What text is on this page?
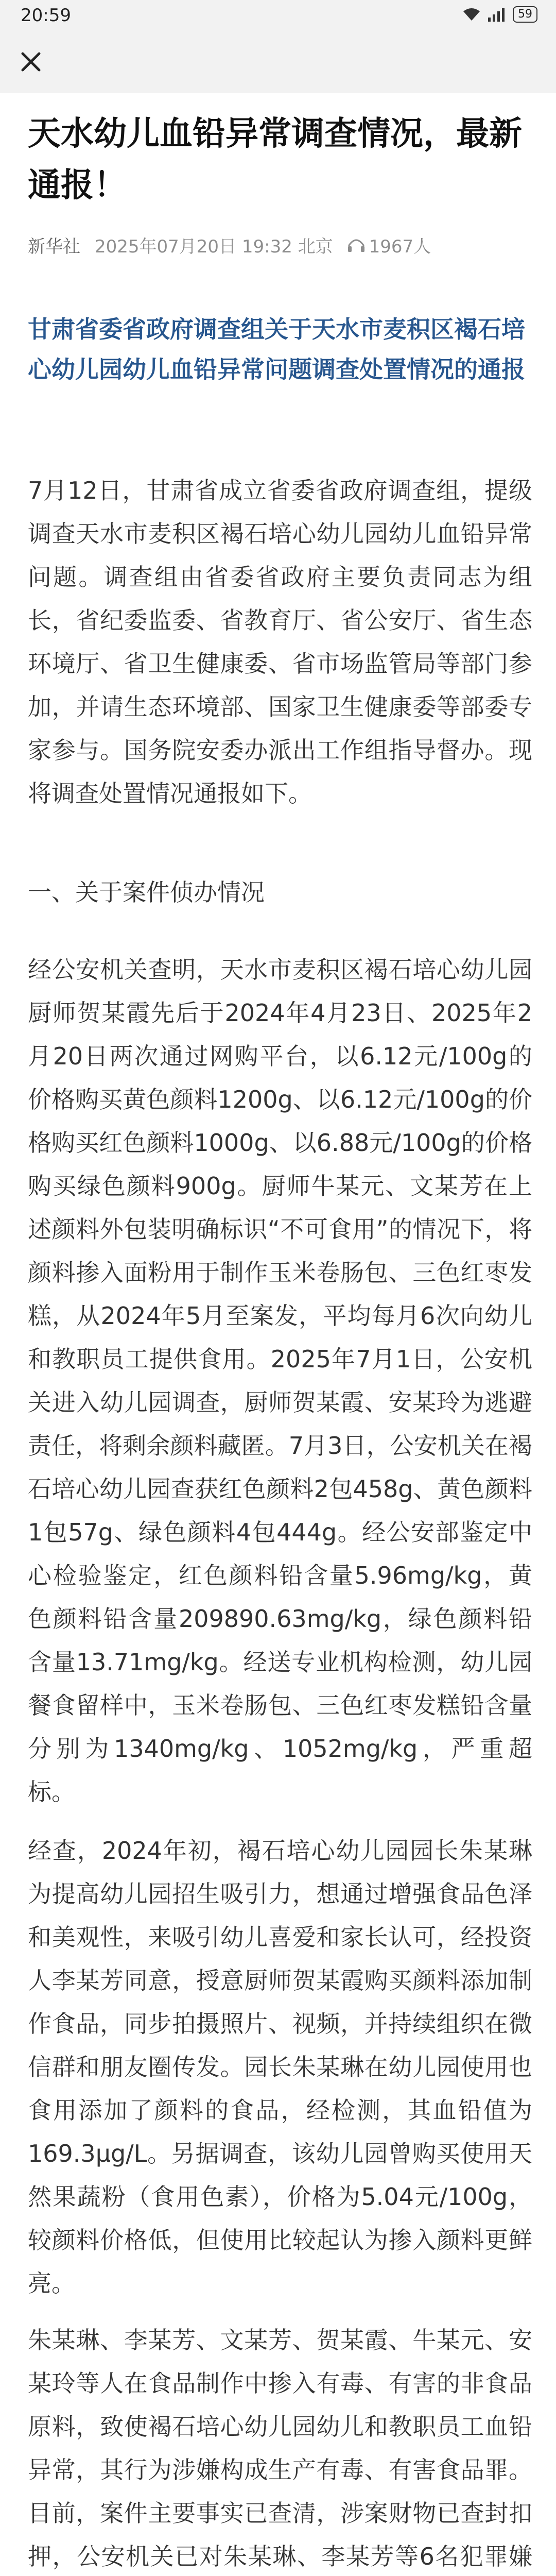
20:59	59
天水幼儿血铅异常调查情况，最新通报！
新华社 2025年07月20日 19:32 北京 1967人
甘肃省委省政府调查组关于天水市麦积区褐石培心幼儿园幼儿血铅异常问题调查处置情况的通报
7月12日，甘肃省成立省委省政府调查组，提级调查天水市麦积区褐石培心幼儿园幼儿血铅异常问题。调查组由省委省政府主要负责同志为组长，省纪委监委、省教育厅、省公安厅、省生态环境厅、省卫生健康委、省市场监管局等部门参加，并请生态环境部、国家卫生健康委等部委专家参与。国务院安委办派出工作组指导督办。现将调查处置情况通报如下。
一、关于案件侦办情况
经公安机关查明，天水市麦积区褐石培心幼儿园厨师贺某霞先后于2024年4月23日、2025年2月20日两次通过网购平台，以6.12元/100g的价格购买黄色颜料1200g、以6.12元/100g的价格购买红色颜料1000g、以6.88元/100g的价格购买绿色颜料900g。厨师牛某元、文某芳在上述颜料外包装明确标识“不可食用”的情况下，将颜料掺入面粉用于制作玉米卷肠包、三色红枣发糕，从2024年5月至案发，平均每月6次向幼儿和教职员工提供食用。2025年7月1日，公安机关进入幼儿园调查，厨师贺某霞、安某玲为逃避责任，将剩余颜料藏匿。7月3日，公安机关在褐石培心幼儿园查获红色颜料2包458g、黄色颜料1包57g、绿色颜料4包444g。经公安部鉴定中心检验鉴定，红色颜料铅含量5.96mg/kg，黄色颜料铅含量209890.63mg/kg，绿色颜料铅含量13.71mg/kg。经送专业机构检测，幼儿园餐食留样中，玉米卷肠包、三色红枣发糕铅含量分别为1340mg/kg、1052mg/kg，严重超标。
经查，2024年初，褐石培心幼儿园园长朱某琳为提高幼儿园招生吸引力，想通过增强食品色泽和美观性，来吸引幼儿喜爱和家长认可，经投资人李某芳同意，授意厨师贺某霞购买颜料添加制作食品，同步拍摄照片、视频，并持续组织在微信群和朋友圈传发。园长朱某琳在幼儿园使用也食用添加了颜料的食品，经检测，其血铅值为169.3μg/L。另据调查，该幼儿园曾购买使用天然果蔬粉（食用色素），价格为5.04元/100g，较颜料价格低，但使用比较起认为掺入颜料更鲜亮。
朱某琳、李某芳、文某芳、贺某霞、牛某元、安某玲等人在食品制作中掺入有毒、有害的非食品原料，致使褐石培心幼儿园幼儿和教职员工血铅异常，其行为涉嫌构成生产有毒、有害食品罪。目前，案件主要事实已查清，涉案财物已查封扣押，公安机关已对朱某琳、李某芳等6名犯罪嫌
